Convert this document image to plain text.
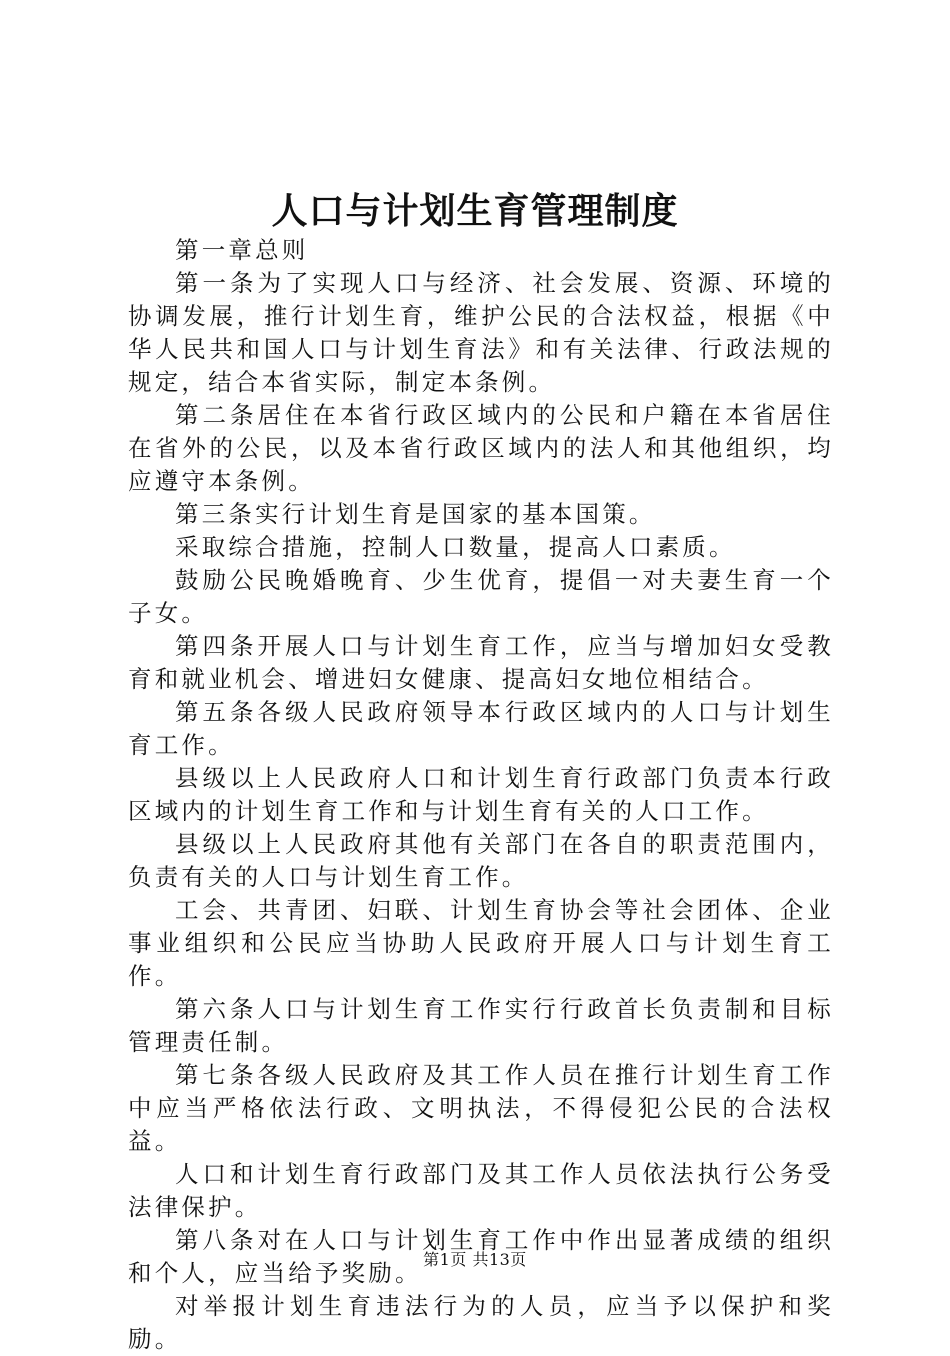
人口与计划生育管理制度

第一章总则

第一条为了实现人口与经济、社会发展、资源、环境的协调发展，推行计划生育，维护公民的合法权益，根据《中华人民共和国人口与计划生育法》和有关法律、行政法规的规定，结合本省实际，制定本条例。

第二条居住在本省行政区域内的公民和户籍在本省居住在省外的公民，以及本省行政区域内的法人和其他组织，均应遵守本条例。

第三条实行计划生育是国家的基本国策。

采取综合措施，控制人口数量，提高人口素质。

鼓励公民晚婚晚育、少生优育，提倡一对夫妻生育一个子女。

第四条开展人口与计划生育工作，应当与增加妇女受教育和就业机会、增进妇女健康、提高妇女地位相结合。

第五条各级人民政府领导本行政区域内的人口与计划生育工作。

县级以上人民政府人口和计划生育行政部门负责本行政区域内的计划生育工作和与计划生育有关的人口工作。

县级以上人民政府其他有关部门在各自的职责范围内，负责有关的人口与计划生育工作。

工会、共青团、妇联、计划生育协会等社会团体、企业事业组织和公民应当协助人民政府开展人口与计划生育工作。

第六条人口与计划生育工作实行行政首长负责制和目标管理责任制。

第七条各级人民政府及其工作人员在推行计划生育工作中应当严格依法行政、文明执法，不得侵犯公民的合法权益。

人口和计划生育行政部门及其工作人员依法执行公务受法律保护。

第八条对在人口与计划生育工作中作出显著成绩的组织和个人，应当给予奖励。

对举报计划生育违法行为的人员，应当予以保护和奖励。

第1页 共13页
